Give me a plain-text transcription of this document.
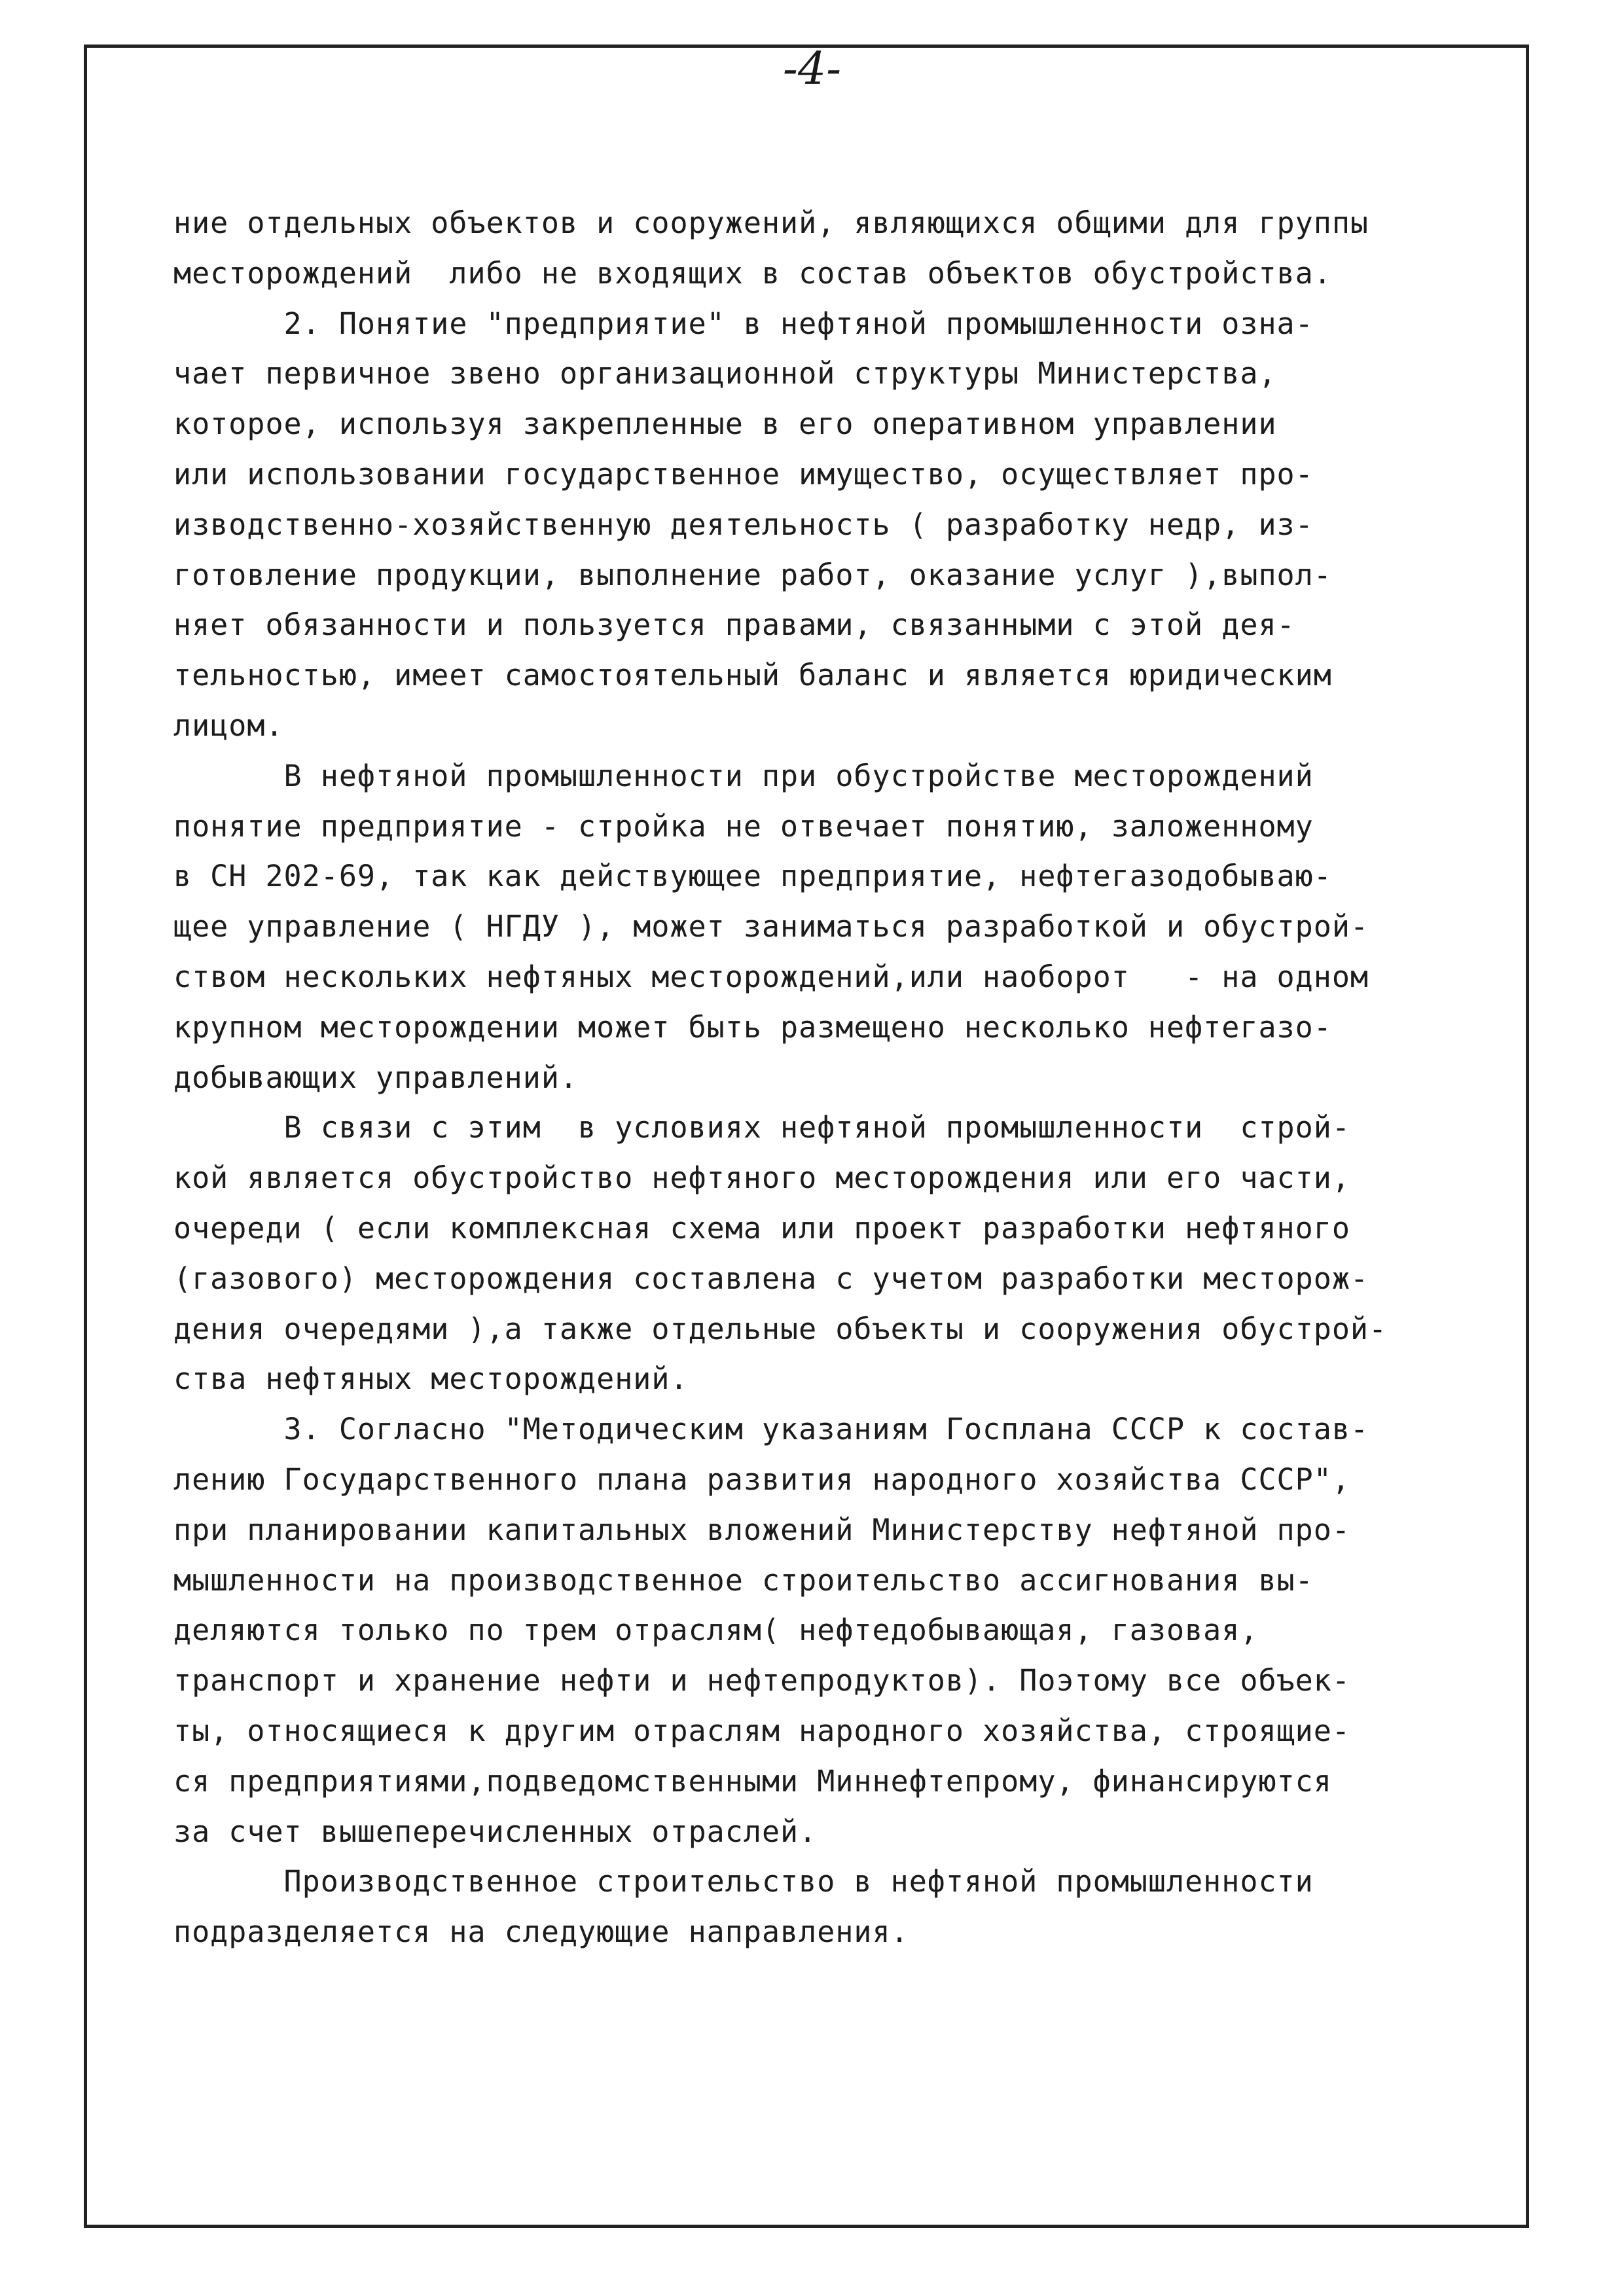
-4-
ние отдельных объектов и сооружений, являющихся общими для группы
месторождений  либо не входящих в состав объектов обустройства.
2. Понятие "предприятие" в нефтяной промышленности озна-
чает первичное звено организационной структуры Министерства,
которое, используя закрепленные в его оперативном управлении
или использовании государственное имущество, осуществляет про-
изводственно-хозяйственную деятельность ( разработку недр, из-
готовление продукции, выполнение работ, оказание услуг ),выпол-
няет обязанности и пользуется правами, связанными с этой дея-
тельностью, имеет самостоятельный баланс и является юридическим
лицом.
В нефтяной промышленности при обустройстве месторождений
понятие предприятие - стройка не отвечает понятию, заложенному
в СН 202-69, так как действующее предприятие, нефтегазодобываю-
щее управление ( НГДУ ), может заниматься разработкой и обустрой-
ством нескольких нефтяных месторождений,или наоборот   - на одном
крупном месторождении может быть размещено несколько нефтегазо-
добывающих управлений.
В связи с этим  в условиях нефтяной промышленности  строй-
кой является обустройство нефтяного месторождения или его части,
очереди ( если комплексная схема или проект разработки нефтяного
(газового) месторождения составлена с учетом разработки месторож-
дения очередями ),а также отдельные объекты и сооружения обустрой-
ства нефтяных месторождений.
3. Согласно "Методическим указаниям Госплана СССР к состав-
лению Государственного плана развития народного хозяйства СССР",
при планировании капитальных вложений Министерству нефтяной про-
мышленности на производственное строительство ассигнования вы-
деляются только по трем отраслям( нефтедобывающая, газовая,
транспорт и хранение нефти и нефтепродуктов). Поэтому все объек-
ты, относящиеся к другим отраслям народного хозяйства, строящие-
ся предприятиями,подведомственными Миннефтепрому, финансируются
за счет вышеперечисленных отраслей.
Производственное строительство в нефтяной промышленности
подразделяется на следующие направления.
